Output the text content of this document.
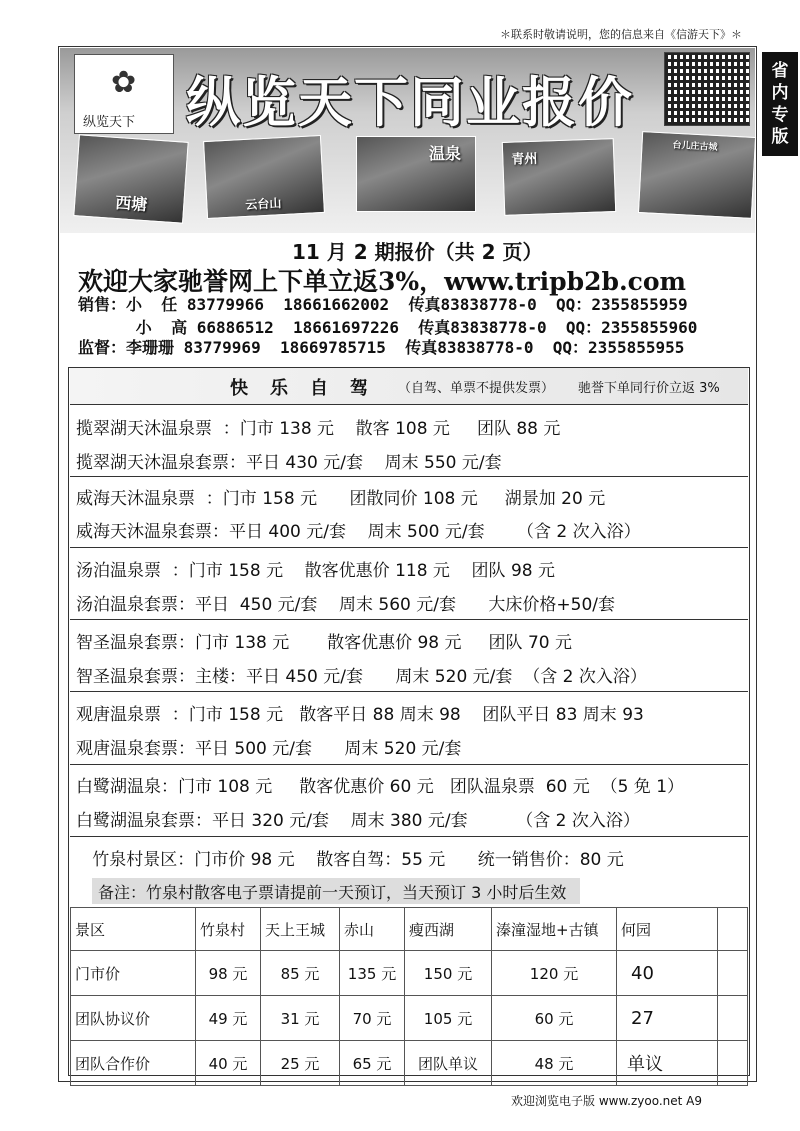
＊联系时敬请说明，您的信息来自《信游天下》＊
省
内
专
版
✿
纵览天下 纵览天下同业报价
西塘	云台山
温泉	青州
台儿庄古城
11 月 2 期报价（共 2 页）
欢迎大家驰誉网上下单立返3%，www.tripb2b.com
销售：小  任 83779966  18661662002  传真83838778-0  QQ：2355855959
小  高 66886512  18661697226  传真83838778-0  QQ：2355855960
监督：李珊珊 83779969  18669785715  传真83838778-0  QQ：2355855955
快乐自驾 （自驾、单票不提供发票） 驰誉下单同行价立返 3%
揽翠湖天沐温泉票  ：门市 138 元    散客 108 元     团队 88 元
揽翠湖天沐温泉套票：平日 430 元/套    周末 550 元/套
威海天沐温泉票  ：门市 158 元      团散同价 108 元     湖景加 20 元
威海天沐温泉套票：平日 400 元/套    周末 500 元/套      （含 2 次入浴）
汤泊温泉票  ：门市 158 元    散客优惠价 118 元    团队 98 元
汤泊温泉套票：平日  450 元/套    周末 560 元/套      大床价格+50/套
智圣温泉套票：门市 138 元       散客优惠价 98 元     团队 70 元
智圣温泉套票：主楼：平日 450 元/套      周末 520 元/套  （含 2 次入浴）
观唐温泉票  ：门市 158 元   散客平日 88 周末 98    团队平日 83 周末 93
观唐温泉套票：平日 500 元/套      周末 520 元/套
白鹭湖温泉：门市 108 元     散客优惠价 60 元   团队温泉票  60 元  （5 免 1）
白鹭湖温泉套票：平日 320 元/套    周末 380 元/套         （含 2 次入浴）
竹泉村景区：门市价 98 元    散客自驾：55 元      统一销售价：80 元
备注：竹泉村散客电子票请提前一天预订，当天预订 3 小时后生效
景区	竹泉村	天上王城	赤山	瘦西湖	溱潼湿地+古镇	何园	
门市价	98 元	85 元	135 元	150 元	120 元	40	
团队协议价	49 元	31 元	70 元	105 元	60 元	27	
团队合作价	40 元	25 元	65 元	团队单议	48 元	单议	
欢迎浏览电子版 www.zyoo.net A9
